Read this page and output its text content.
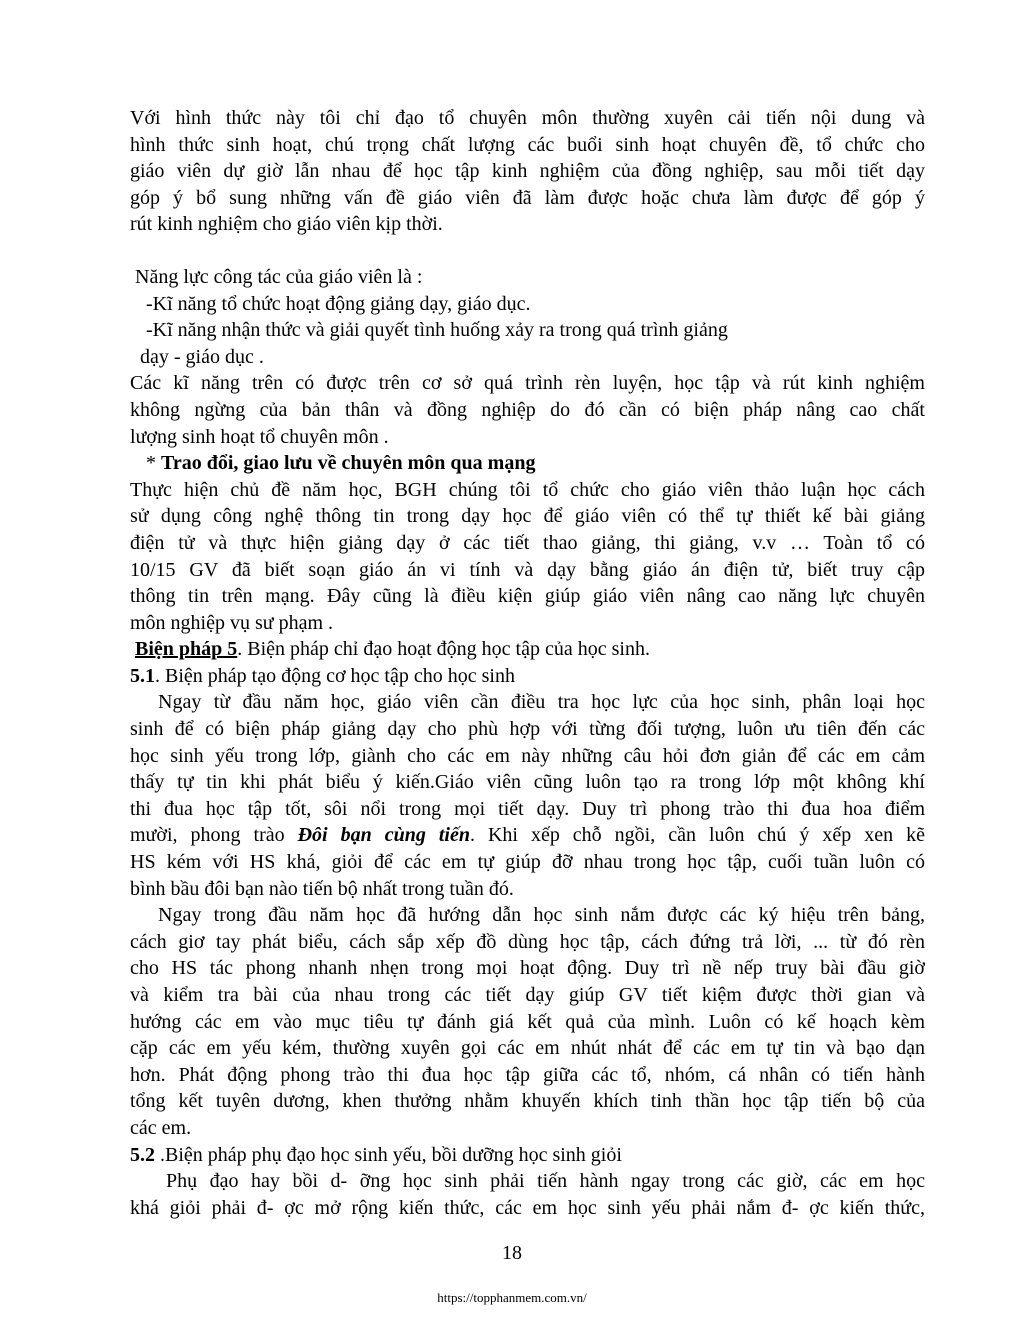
Với hình thức này tôi chỉ đạo tổ chuyên môn thường xuyên cải tiến nội dung và
hình thức sinh hoạt, chú trọng chất lượng các buổi sinh hoạt chuyên đề, tổ chức cho
giáo viên dự giờ lẫn nhau để học tập kinh nghiệm của đồng nghiệp, sau mỗi tiết dạy
góp ý bổ sung những vấn đề giáo viên đã làm được hoặc chưa làm được để góp ý
rút kinh nghiệm cho giáo viên kịp thời.
Năng lực công tác của giáo viên là :
-Kĩ năng tổ chức hoạt động giảng dạy, giáo dục.
-Kĩ năng nhận thức và giải quyết tình huống xảy ra trong quá trình giảng
dạy - giáo dục .
Các kĩ năng trên có được trên cơ sở quá trình rèn luyện, học tập và rút kinh nghiệm
không ngừng của bản thân và đồng nghiệp do đó cần có biện pháp nâng cao chất
lượng sinh hoạt tổ chuyên môn .
* Trao đổi, giao lưu về chuyên môn qua mạng
Thực hiện chủ đề năm học, BGH chúng tôi tổ chức cho giáo viên thảo luận học cách
sử dụng công nghệ thông tin trong dạy học để giáo viên có thể tự thiết kế bài giảng
điện tử và thực hiện giảng dạy ở các tiết thao giảng, thi giảng, v.v … Toàn tổ có
10/15 GV đã biết soạn giáo án vi tính và dạy bằng giáo án điện tử, biết truy cập
thông tin trên mạng. Đây cũng là điều kiện giúp giáo viên nâng cao năng lực chuyên
môn nghiệp vụ sư phạm .
Biện pháp 5. Biện pháp chỉ đạo hoạt động học tập của học sinh.
5.1. Biện pháp tạo động cơ học tập cho học sinh
Ngay từ đầu năm học, giáo viên cần điều tra học lực của học sinh, phân loại học
sinh để có biện pháp giảng dạy cho phù hợp với từng đối tượng, luôn ưu tiên đến các
học sinh yếu trong lớp, giành cho các em này những câu hỏi đơn giản để các em cảm
thấy tự tin khi phát biểu ý kiến.Giáo viên cũng luôn tạo ra trong lớp một không khí
thi đua học tập tốt, sôi nổi trong mọi tiết dạy. Duy trì phong trào thi đua hoa điểm
mười, phong trào Đôi bạn cùng tiến. Khi xếp chỗ ngồi, cần luôn chú ý xếp xen kẽ
HS kém với HS khá, giỏi để các em tự giúp đỡ nhau trong học tập, cuối tuần luôn có
bình bầu đôi bạn nào tiến bộ nhất trong tuần đó.
Ngay trong đầu năm học đã hướng dẫn học sinh nắm được các ký hiệu trên bảng,
cách giơ tay phát biểu, cách sắp xếp đồ dùng học tập, cách đứng trả lời, ... từ đó rèn
cho HS tác phong nhanh nhẹn trong mọi hoạt động. Duy trì nề nếp truy bài đầu giờ
và kiểm tra bài của nhau trong các tiết dạy giúp GV tiết kiệm được thời gian và
hướng các em vào mục tiêu tự đánh giá kết quả của mình. Luôn có kế hoạch kèm
cặp các em yếu kém, thường xuyên gọi các em nhút nhát để các em tự tin và bạo dạn
hơn. Phát động phong trào thi đua học tập giữa các tổ, nhóm, cá nhân có tiến hành
tổng kết tuyên dương, khen thưởng nhằm khuyến khích tinh thần học tập tiến bộ của
các em.
5.2 .Biện pháp phụ đạo học sinh yếu, bồi dưỡng học sinh giỏi
Phụ đạo hay bồi d- ỡng học sinh phải tiến hành ngay trong các giờ, các em học
khá giỏi phải đ- ợc mở rộng kiến thức, các em học sinh yếu phải nắm đ- ợc kiến thức,
18
https://topphanmem.com.vn/
